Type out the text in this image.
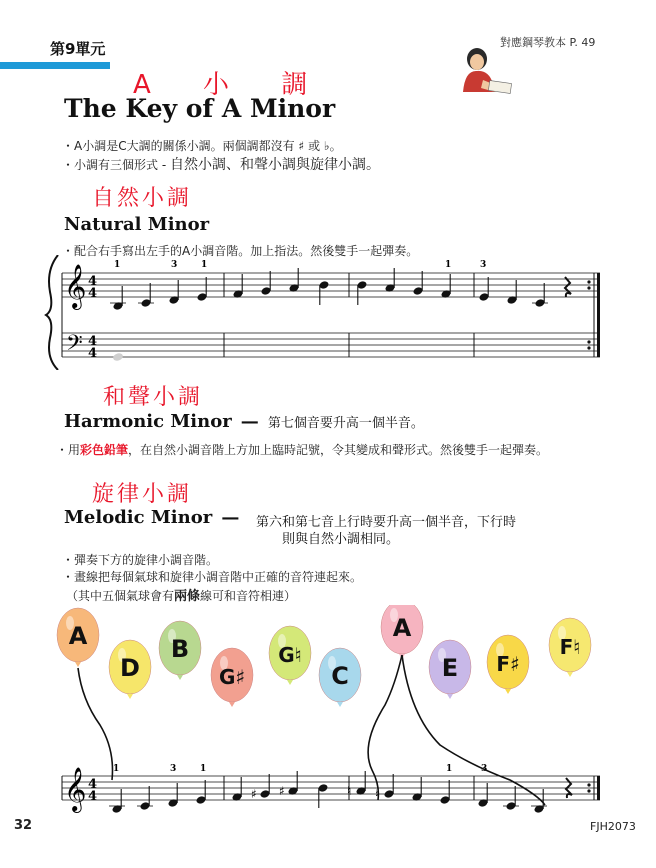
第9單元	對應鋼琴教本 P. 49
A 小 調
The Key of A Minor
・A小調是C大調的關係小調。兩個調都沒有 ♯ 或 ♭。
・小調有三個形式 - 自然小調、和聲小調與旋律小調。
自然小調
Natural Minor
・配合右手寫出左手的A小調音階。加上指法。然後雙手一起彈奏。
𝄞
𝄢
4
4
4
4
1	3	1	1	3
和聲小調
Harmonic Minor — 第七個音要升高一個半音。
・用彩色鉛筆，在自然小調音階上方加上臨時記號，令其變成和聲形式。然後雙手一起彈奏。
旋律小調
Melodic Minor —	第六和第七音上行時要升高一個半音，下行時
則與自然小調相同。
・彈奏下方的旋律小調音階。
・畫線把每個氣球和旋律小調音階中正確的音符連起來。
（其中五個氣球會有兩條線可和音符相連）
A
D
B
G♯
G♮
C
A
E F♯
F♮
𝄞 4
4
1	3	1	1	3
♯ ♯	♮ ♮
32	FJH2073
